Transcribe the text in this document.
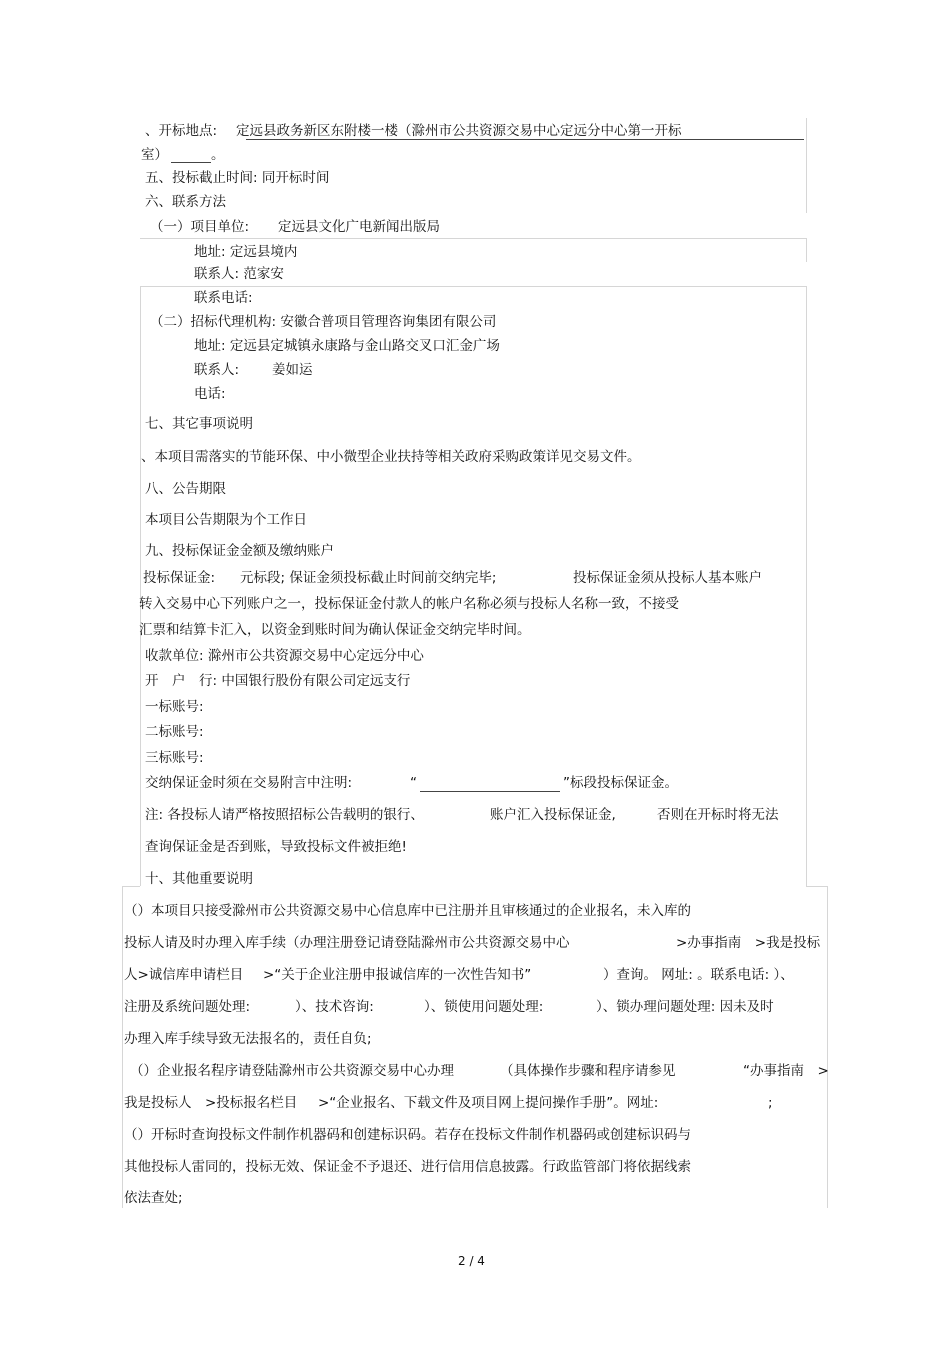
、开标地点: 定远县政务新区东附楼一楼（滁州市公共资源交易中心定远分中心第一开标
室）	。
五、投标截止时间: 同开标时间
六、联系方法
（一）项目单位: 定远县文化广电新闻出版局
地址: 定远县境内
联系人: 范家安
联系电话:
（二）招标代理机构: 安徽合普项目管理咨询集团有限公司
地址: 定远县定城镇永康路与金山路交叉口汇金广场
联系人: 姜如运
电话:
七、其它事项说明
、本项目需落实的节能环保、中小微型企业扶持等相关政府采购政策详见交易文件。
八、公告期限
本项目公告期限为个工作日
九、投标保证金金额及缴纳账户
投标保证金: 元标段; 保证金须投标截止时间前交纳完毕;	投标保证金须从投标人基本账户
转入交易中心下列账户之一，投标保证金付款人的帐户名称必须与投标人名称一致，不接受
汇票和结算卡汇入，以资金到账时间为确认保证金交纳完毕时间。
收款单位: 滁州市公共资源交易中心定远分中心
开　户　行: 中国银行股份有限公司定远支行
一标账号:
二标账号:
三标账号:
交纳保证金时须在交易附言中注明:	“	”标段投标保证金。
注: 各投标人请严格按照招标公告载明的银行、	账户汇入投标保证金,	否则在开标时将无法
查询保证金是否到账，导致投标文件被拒绝!
十、其他重要说明
（）本项目只接受滁州市公共资源交易中心信息库中已注册并且审核通过的企业报名，未入库的
投标人请及时办理入库手续（办理注册登记请登陆滁州市公共资源交易中心	>办事指南　>我是投标
人>诚信库申请栏目 >“关于企业注册申报诚信库的一次性告知书”	）查询。 网址: 。联系电话: ）、
注册及系统问题处理:	）、技术咨询:	）、锁使用问题处理:	）、锁办理问题处理: 因未及时
办理入库手续导致无法报名的，责任自负;
（）企业报名程序请登陆滁州市公共资源交易中心办理	（具体操作步骤和程序请参见	“办事指南　>
我是投标人　>投标报名栏目 >“企业报名、下载文件及项目网上提问操作手册”。网址:	;
（）开标时查询投标文件制作机器码和创建标识码。若存在投标文件制作机器码或创建标识码与
其他投标人雷同的，投标无效、保证金不予退还、进行信用信息披露。行政监管部门将依据线索
依法查处;
2 / 4
